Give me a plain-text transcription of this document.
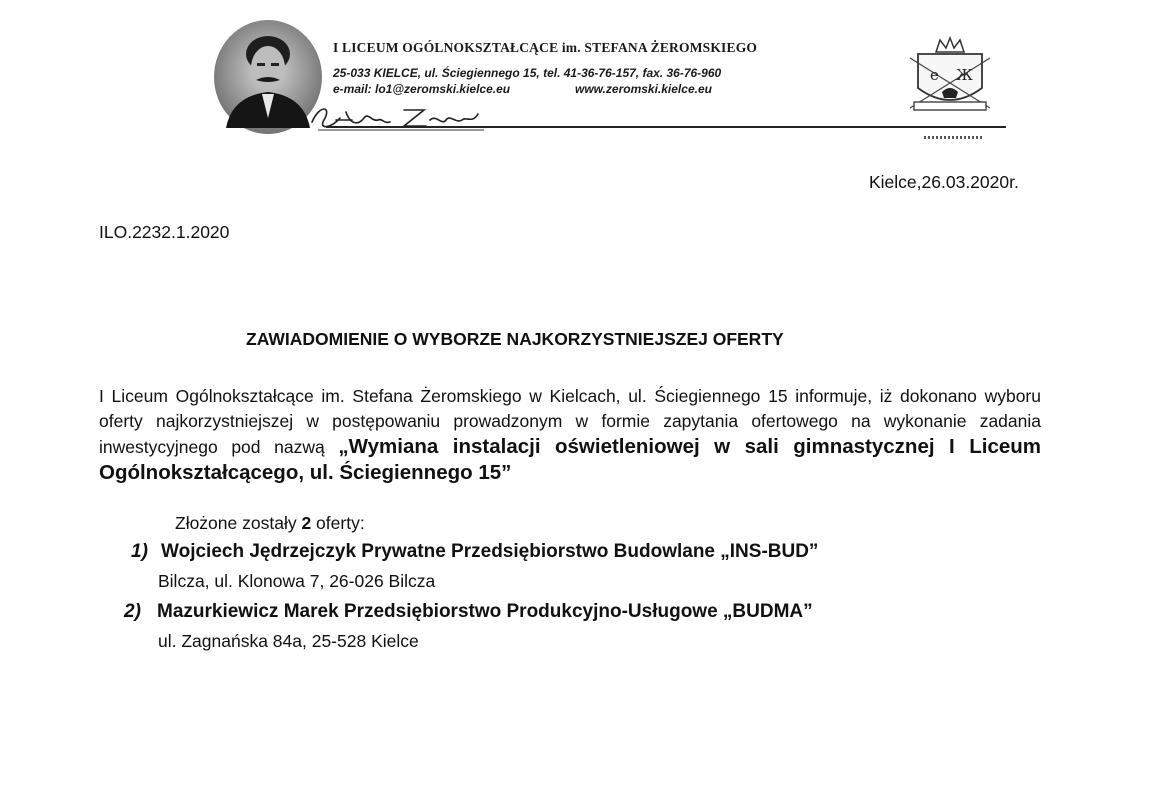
I LICEUM OGÓLNOKSZTAŁCĄCE im. STEFANA ŻEROMSKIEGO
25-033 KIELCE, ul. Ściegiennego 15, tel. 41-36-76-157, fax. 36-76-960
e-mail: lo1@zeromski.kielce.eu	www.zeromski.kielce.eu
e Ж
Kielce,26.03.2020r.
ILO.2232.1.2020
ZAWIADOMIENIE O WYBORZE NAJKORZYSTNIEJSZEJ OFERTY

I Liceum Ogólnokształcące im. Stefana Żeromskiego w Kielcach, ul. Ściegiennego 15 informuje, iż dokonano wyboru oferty najkorzystniejszej w postępowaniu prowadzonym w formie zapytania ofertowego na wykonanie zadania inwestycyjnego pod nazwą „Wymiana instalacji oświetleniowej w sali gimnastycznej I Liceum Ogólnokształcącego, ul. Ściegiennego 15”

Złożone zostały 2 oferty:
1) Wojciech Jędrzejczyk Prywatne Przedsiębiorstwo Budowlane „INS-BUD”
Bilcza, ul. Klonowa 7, 26-026 Bilcza
2) Mazurkiewicz Marek Przedsiębiorstwo Produkcyjno-Usługowe „BUDMA”
ul. Zagnańska 84a, 25-528 Kielce
